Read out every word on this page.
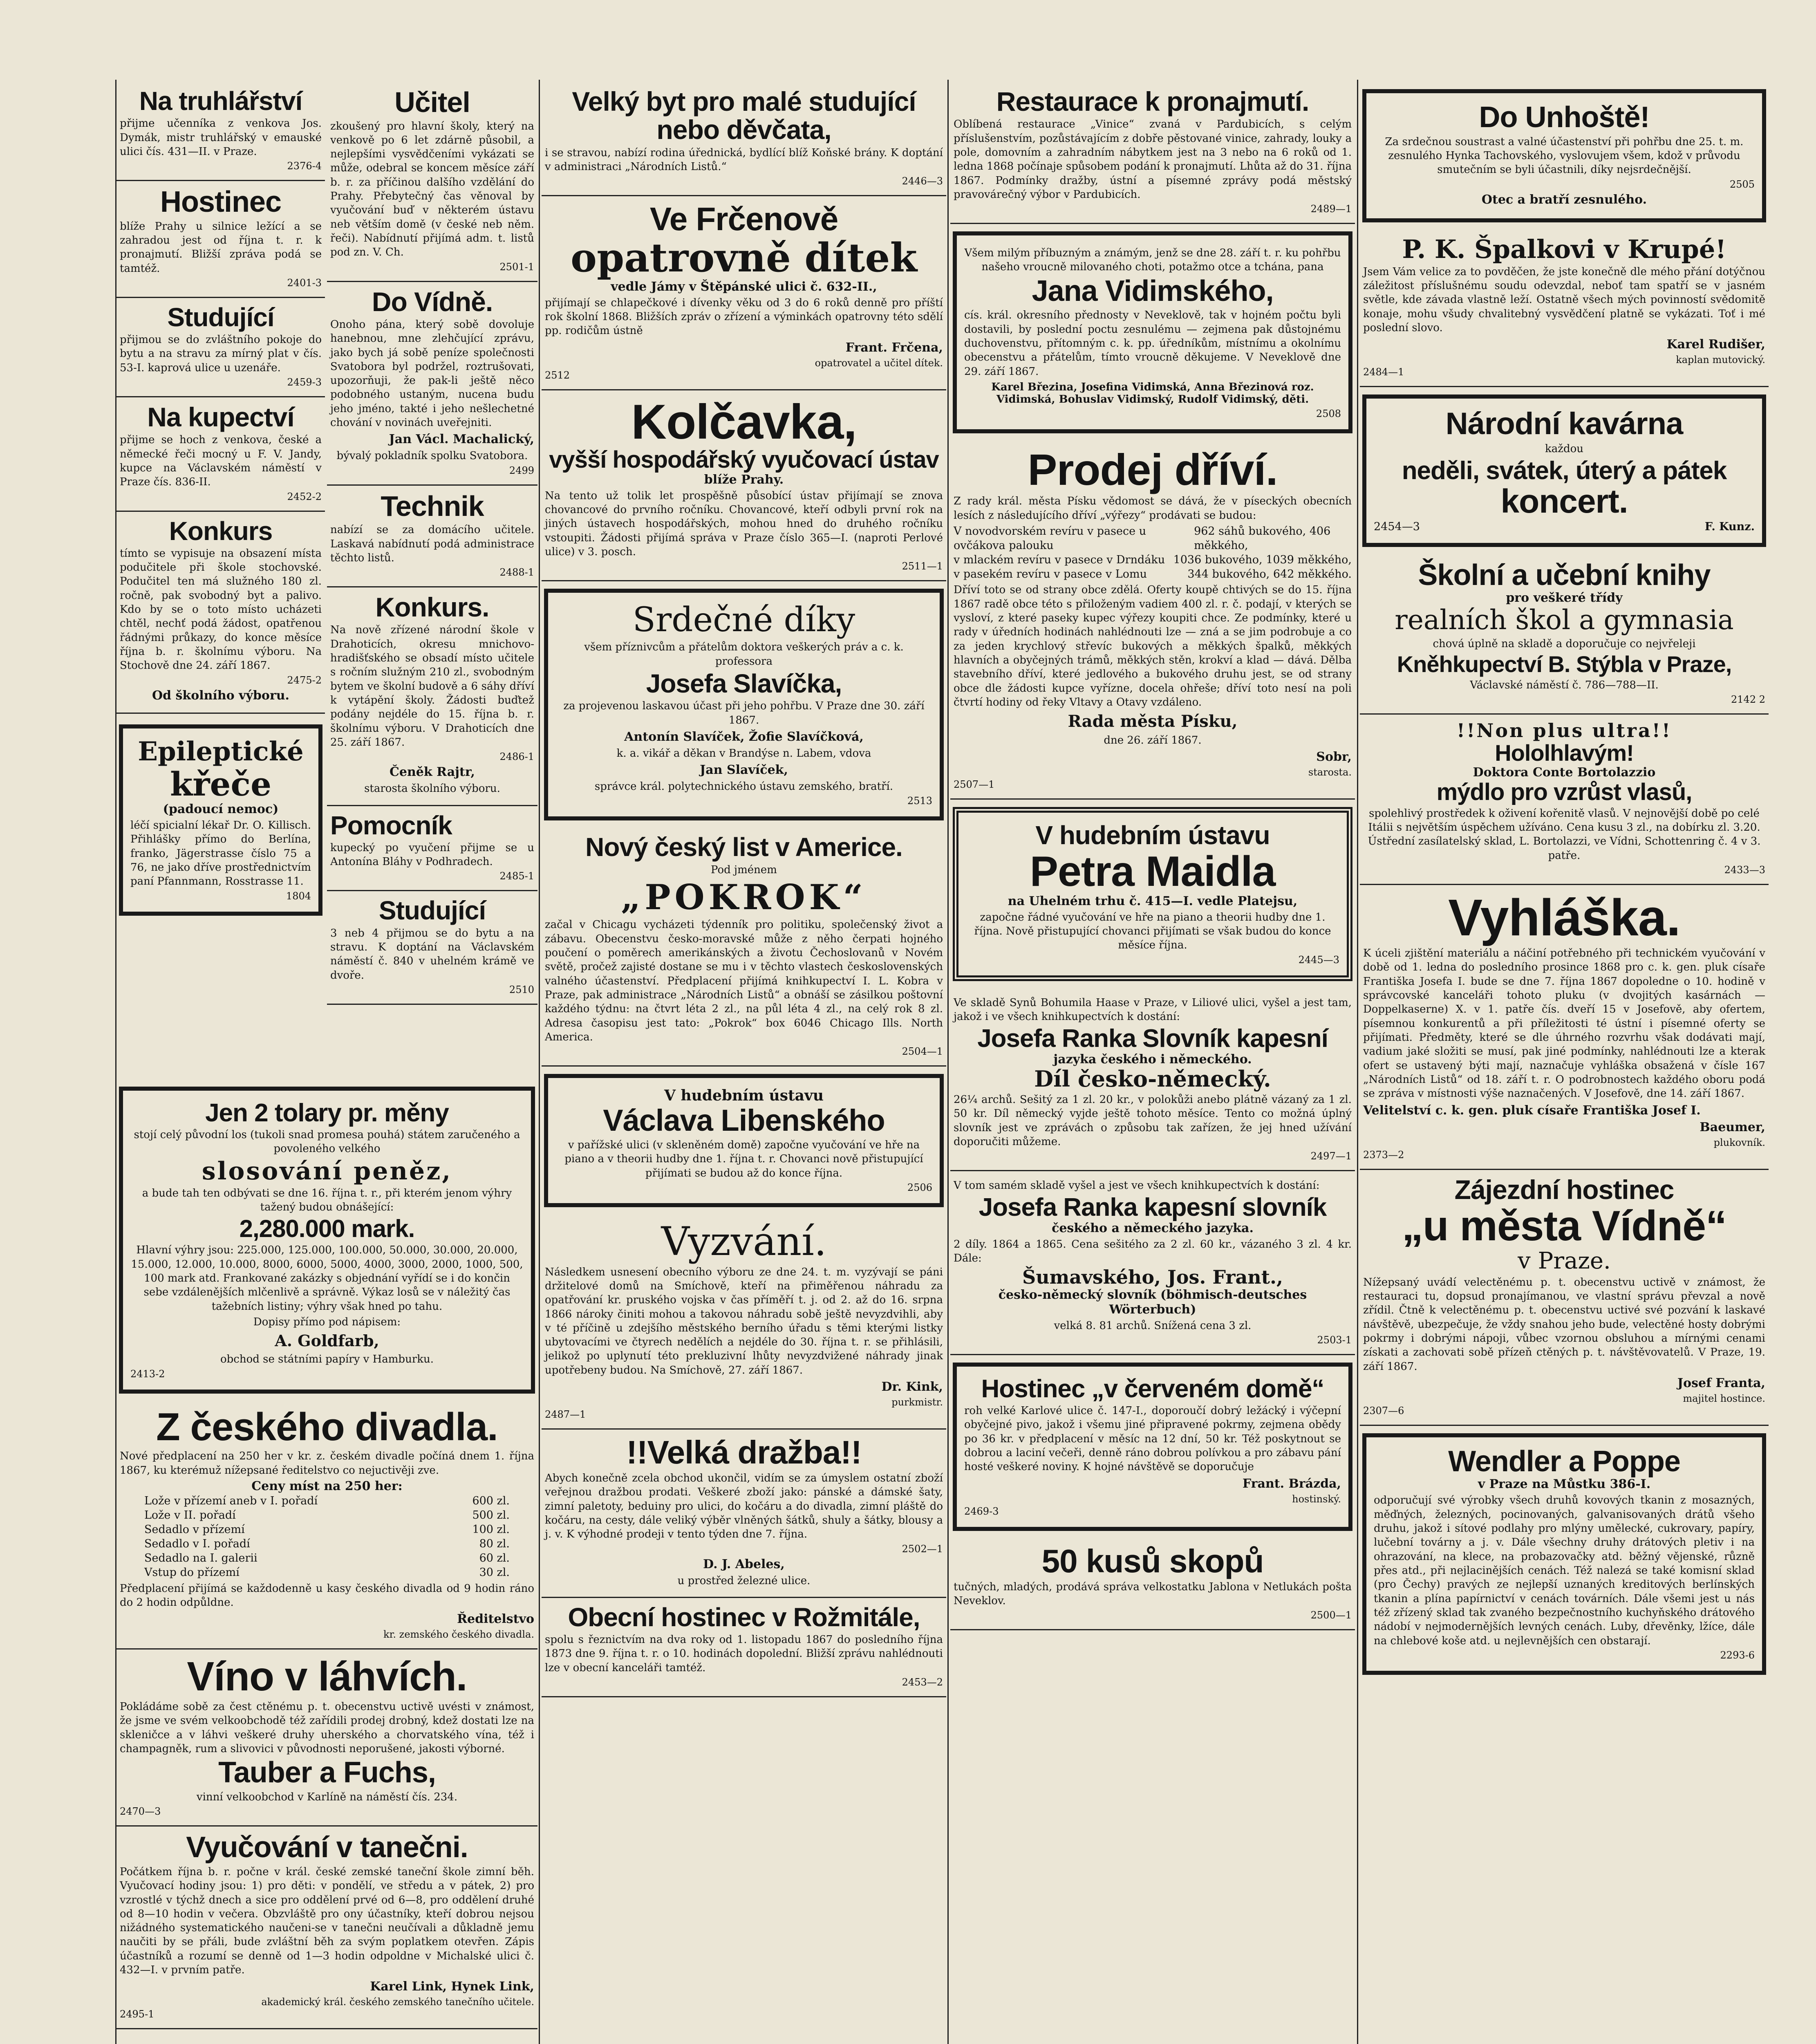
Na truhlářství

přijme učenníka z venkova Jos. Dymák, mistr truhlářský v emauské ulici čís. 431—II. v Praze.

2376-4

Hostinec

blíže Prahy u silnice ležící a se zahradou jest od října t. r. k pronajmutí. Bližší zpráva podá se tamtéž.

2401-3

Studující

přijmou se do zvláštního pokoje do bytu a na stravu za mírný plat v čís. 53-I. kaprová ulice u uzenáře.

2459-3

Na kupectví

přijme se hoch z venkova, české a německé řeči mocný u F. V. Jandy, kupce na Václavském náměstí v Praze čís. 836-II.

2452-2

Konkurs

tímto se vypisuje na obsazení místa podučitele při škole stochovské. Podučitel ten má služného 180 zl. ročně, pak svobodný byt a palivo. Kdo by se o toto místo ucházeti chtěl, nechť podá žádost, opatřenou řádnými průkazy, do konce měsíce října b. r. školnímu výboru. Na Stochově dne 24. září 1867.

2475-2

Od školního výboru.
Epileptické
křeče
(padoucí nemoc)

léčí spicialní lékař Dr. O. Killisch. Přihlášky přímo do Berlína, franko, Jägerstrasse číslo 75 a 76, ne jako dříve prostřednictvím paní Pfannmann, Rosstrasse 11.

1804

Učitel

zkoušený pro hlavní školy, který na venkově po 6 let zdárně působil, a nejlepšími vysvědčeními vykázati se může, odebral se koncem měsíce září b. r. za příčinou dalšího vzdělání do Prahy. Přebytečný čas věnoval by vyučování buď v některém ústavu neb větším domě (v české neb něm. řeči). Nabídnutí přijímá adm. t. listů pod zn. V. Ch.

2501-1

Do Vídně.

Onoho pána, který sobě dovoluje hanebnou, mne zlehčující zprávu, jako bych já sobě peníze společnosti Svatobora byl podržel, roztrušovati, upozorňuji, že pak-li ještě něco podobného ustaným, nucena budu jeho jméno, takté i jeho nešlechetné chování v novinách uveřejniti.

Jan Václ. Machalický,

bývalý pokladník spolku Svatobora.

2499

Technik

nabízí se za domácího učitele. Laskavá nabídnutí podá administrace těchto listů.

2488-1

Konkurs.

Na nově zřízené národní škole v Drahoticích, okresu mnichovo-hradišťského se obsadí místo učitele s ročním služným 210 zl., svobodným bytem ve školní budově a 6 sáhy dříví k vytápění školy. Žádosti buďtež podány nejdéle do 15. října b. r. školnímu výboru. V Drahoticích dne 25. září 1867.

2486-1

Čeněk Rajtr,

starosta školního výboru.

Pomocník

kupecký po vyučení přijme se u Antonína Bláhy v Podhradech.

2485-1

Studující

3 neb 4 přijmou se do bytu a na stravu. K doptání na Václavském náměstí č. 840 v uhelném krámě ve dvoře.

2510

Jen 2 tolary pr. měny

stojí celý původní los (tukoli snad promesa pouhá) státem zaručeného a povoleného velkého

slosování peněz,

a bude tah ten odbývati se dne 16. října t. r., při kterém jenom výhry tažený budou obnášející:

2,280.000 mark.

Hlavní výhry jsou: 225.000, 125.000, 100.000, 50.000, 30.000, 20.000, 15.000, 12.000, 10.000, 8000, 6000, 5000, 4000, 3000, 2000, 1000, 500, 100 mark atd. Frankované zakázky s objednání vyřídí se i do končin sebe vzdálenějších mlčenlivě a správně. Výkaz losů se v náležitý čas tažebních listiny; výhry však hned po tahu.

Dopisy přímo pod nápisem:

A. Goldfarb,

obchod se státními papíry v Hamburku.

2413-2

Z českého divadla.

Nové předplacení na 250 her v kr. z. českém divadle počíná dnem 1. října 1867, ku kterémuž nížepsané ředitelstvo co nejuctivěji zve.

Ceny míst na 250 her:
Lože v přízemí aneb v I. pořadí	600 zl.
Lože v II. pořadí	500 zl.
Sedadlo v přízemí	100 zl.
Sedadlo v I. pořadí	80 zl.
Sedadlo na I. galerii	60 zl.
Vstup do přízemí	30 zl.

Předplacení přijímá se každodenně u kasy českého divadla od 9 hodin ráno do 2 hodin odpůldne.

Ředitelstvo

kr. zemského českého divadla.

Víno v láhvích.

Pokládáme sobě za čest ctěnému p. t. obecenstvu uctivě uvésti v známost, že jsme ve svém velkoobchodě též zařídili prodej drobný, kdež dostati lze na skleničce a v láhvi veškeré druhy uherského a chorvatského vína, též i champagněk, rum a slivovici v původnosti neporušené, jakosti výborné.

Tauber a Fuchs,

vinní velkoobchod v Karlíně na náměstí čís. 234.

2470—3

Vyučování v tanečni.

Počátkem října b. r. počne v král. české zemské taneční škole zimní běh. Vyučovací hodiny jsou: 1) pro děti: v pondělí, ve středu a v pátek, 2) pro vzrostlé v týchž dnech a sice pro oddělení prvé od 6—8, pro oddělení druhé od 8—10 hodin v večera. Obzvláště pro ony účastníky, kteří dobrou nejsou nižádného systematického naučeni-se v tanečni neučívali a důkladně jemu naučiti by se přáli, bude zvláštní běh za svým poplatkem otevřen. Zápis účastníků a rozumí se denně od 1—3 hodin odpoldne v Michalské ulici č. 432—I. v prvním patře.

Karel Link, Hynek Link,

akademický král. českého zemského tanečního učitele.

2495-1

Velký byt pro malé studující nebo děvčata,

i se stravou, nabízí rodina úřednická, bydlící blíž Koňské brány. K doptání v administraci „Národních Listů.“

2446—3

Ve Frčenově
opatrovně dítek
vedle Jámy v Štěpánské ulici č. 632-II.,

přijímají se chlapečkové i dívenky věku od 3 do 6 roků denně pro příští rok školní 1868. Bližších zpráv o zřízení a výminkách opatrovny této sdělí pp. rodičům ústně

Frant. Frčena,

opatrovatel a učitel dítek.

2512

Kolčavka,
vyšší hospodářský vyučovací ústav
blíže Prahy.

Na tento už tolik let prospěšně působící ústav přijímají se znova chovancové do prvního ročníku. Chovancové, kteří odbyli první rok na jiných ústavech hospodářských, mohou hned do druhého ročníku vstoupiti. Žádosti přijímá správa v Praze číslo 365—I. (naproti Perlové ulice) v 3. posch.

2511—1

Srdečné díky

všem příznivcům a přátelům doktora veškerých práv a c. k. professora

Josefa Slavíčka,

za projevenou laskavou účast při jeho pohřbu. V Praze dne 30. září 1867.

Antonín Slavíček, Žofie Slavíčková,

k. a. vikář a děkan v Brandýse n. Labem, vdova

Jan Slavíček,

správce král. polytechnického ústavu zemského, bratří.

2513

Nový český list v Americe.

Pod jménem

„POKROK“

začal v Chicagu vycházeti týdenník pro politiku, společenský život a zábavu. Obecenstvu česko-moravské může z něho čerpati hojného poučení o poměrech amerikánských a životu Čechoslovanů v Novém světě, pročež zajisté dostane se mu i v těchto vlastech československých valného účastenství. Předplacení přijímá knihkupectví I. L. Kobra v Praze, pak administrace „Národních Listů“ a obnáší se zásilkou poštovní každého týdnu: na čtvrt léta 2 zl., na půl léta 4 zl., na celý rok 8 zl. Adresa časopisu jest tato: „Pokrok“ box 6046 Chicago Ills. North America.

2504—1

V hudebním ústavu
Václava Libenského

v pařížské ulici (v skleněném domě) započne vyučování ve hře na piano a v theorii hudby dne 1. října t. r. Chovanci nově přistupující přijímati se budou až do konce října.

2506

Vyzvání.

Následkem usnesení obecního výboru ze dne 24. t. m. vyzývají se páni držitelové domů na Smíchově, kteří na přiměřenou náhradu za opatřování kr. pruského vojska v čas příměří t. j. od 2. až do 16. srpna 1866 nároky činiti mohou a takovou náhradu sobě ještě nevyzdvihli, aby v té příčině u zdejšího městského berního úřadu s těmi kterými listky ubytovacími ve čtyrech nedělích a nejdéle do 30. října t. r. se přihlásili, jelikož po uplynutí této prekluzivní lhůty nevyzdvižené náhrady jinak upotřebeny budou. Na Smíchově, 27. září 1867.

Dr. Kink,

purkmistr.

2487—1

!!Velká dražba!!

Abych konečně zcela obchod ukončil, vidím se za úmyslem ostatní zboží veřejnou dražbou prodati. Veškeré zboží jako: pánské a dámské šaty, zimní paletoty, beduiny pro ulici, do kočáru a do divadla, zimní pláště do kočáru, na cesty, dále veliký výběr vlněných šátků, shuly a šátky, blousy a j. v. K výhodné prodeji v tento týden dne 7. října.

2502—1

D. J. Abeles,

u prostřed železné ulice.

Obecní hostinec v Rožmitále,

spolu s řeznictvím na dva roky od 1. listopadu 1867 do posledního října 1873 dne 9. října t. r. o 10. hodinách dopolední. Bližší zprávu nahlédnouti lze v obecní kanceláři tamtéž.

2453—2

Restaurace k pronajmutí.

Oblíbená restaurace „Vinice“ zvaná v Pardubicích, s celým příslušenstvím, pozůstávajícím z dobře pěstované vinice, zahrady, louky a pole, domovním a zahradním nábytkem jest na 3 nebo na 6 roků od 1. ledna 1868 počínaje spůsobem podání k pronajmutí. Lhůta až do 31. října 1867. Podmínky dražby, ústní a písemné zprávy podá městský pravovárečný výbor v Pardubicích.

2489—1

Všem milým příbuzným a známým, jenž se dne 28. září t. r. ku pohřbu našeho vroucně milovaného choti, potažmo otce a tchána, pana

Jana Vidimského,

cís. král. okresního přednosty v Neveklově, tak v hojném počtu byli dostavili, by poslední poctu zesnulému — zejmena pak důstojnému duchovenstvu, přítomným c. k. pp. úředníkům, místnímu a okolnímu obecenstvu a přátelům, tímto vroucně děkujeme. V Neveklově dne 29. září 1867.

Karel Březina, Josefina Vidimská, Anna Březinová roz. Vidimská, Bohuslav Vidimský, Rudolf Vidimský, děti.

2508

Prodej dříví.

Z rady král. města Písku vědomost se dává, že v píseckých obecních lesích z následujícího dříví „výřezy“ prodávati se budou:

V novodvorském revíru v pasece u ovčákova palouku
962 sáhů bukového, 406 měkkého,
v mlackém revíru v pasece v Drndáku 1036 bukového, 1039 měkkého,
v pasekém revíru v pasece v Lomu	344 bukového, 642 měkkého.

Dříví toto se od strany obce zdělá. Oferty koupě chtivých se do 15. října 1867 radě obce této s přiloženým vadiem 400 zl. r. č. podají, v kterých se vysloví, z které paseky kupec výřezy koupiti chce. Ze podmínky, které u rady v úředních hodinách nahlédnouti lze — zná a se jim podrobuje a co za jeden krychlový střevíc bukových a měkkých špalků, měkkých hlavních a obyčejných trámů, měkkých stěn, krokví a klad — dává. Dělba stavebního dříví, které jedlového a bukového druhu jest, se od strany obce dle žádosti kupce vyřízne, docela ohřeše; dříví toto nesí na poli čtvrtí hodiny od řeky Vltavy a Otavy vzdáleno.

Rada města Písku,

dne 26. září 1867.

Sobr,

starosta.

2507—1

V hudebním ústavu
Petra Maidla
na Uhelném trhu č. 415—I. vedle Platejsu,

započne řádné vyučování ve hře na piano a theorii hudby dne 1. října. Nově přistupující chovanci přijímati se však budou do konce měsíce října.

2445—3

Ve skladě Synů Bohumila Haase v Praze, v Liliové ulici, vyšel a jest tam, jakož i ve všech knihkupectvích k dostání:

Josefa Ranka Slovník kapesní
jazyka českého i německého.
Díl česko-německý.

26¼ archů. Sešitý za 1 zl. 20 kr., v polokůži anebo plátně vázaný za 1 zl. 50 kr. Díl německý vyjde ještě tohoto měsíce. Tento co možná úplný slovník jest ve zprávách o způsobu tak zařízen, že jej hned užívání doporučiti můžeme.

2497—1

V tom samém skladě vyšel a jest ve všech knihkupectvích k dostání:

Josefa Ranka kapesní slovník
českého a německého jazyka.

2 díly. 1864 a 1865. Cena sešitého za 2 zl. 60 kr., vázaného 3 zl. 4 kr. Dále:

Šumavského, Jos. Frant.,
česko-německý slovník (böhmisch-deutsches Wörterbuch)

velká 8. 81 archů. Snížená cena 3 zl.

2503-1

Hostinec „v červeném domě“

roh velké Karlové ulice č. 147-I., doporoučí dobrý ležácký i výčepní obyčejné pivo, jakož i všemu jiné připravené pokrmy, zejmena obědy po 36 kr. v předplacení v měsíc na 12 dní, 50 kr. Též poskytnout se dobrou a laciní večeři, denně ráno dobrou polívkou a pro zábavu pání hosté veškeré noviny. K hojné návštěvě se doporučuje

Frant. Brázda,

hostinský.

2469-3

50 kusů skopů

tučných, mladých, prodává správa velkostatku Jablona v Netlukách pošta Neveklov.

2500—1

Do Unhoště!

Za srdečnou soustrast a valné účastenství při pohřbu dne 25. t. m. zesnulého Hynka Tachovského, vyslovujem všem, kdož v průvodu smutečním se byli účastnili, díky nejsrdečnější.

2505

Otec a bratří zesnulého.
P. K. Špalkovi v Krupé!

Jsem Vám velice za to povděčen, že jste konečně dle mého přání dotýčnou záležitost příslušnému soudu odevzdal, neboť tam spatří se v jasném světle, kde závada vlastně leží. Ostatně všech mých povinností svědomitě konaje, mohu všudy chvalitebný vysvědčení platně se vykázati. Toť i mé poslední slovo.

Karel Rudišer,

kaplan mutovický.

2484—1

Národní kavárna

každou

neděli, svátek, úterý a pátek
koncert.
2454—3	F. Kunz.
Školní a učební knihy
pro veškeré třídy
realních škol a gymnasia

chová úplně na skladě a doporučuje co nejvřeleji

Kněhkupectví B. Stýbla v Praze,

Václavské náměstí č. 786—788—II.

2142 2

!!Non plus ultra!!
Hololhlavým!
Doktora Conte Bortolazzio
mýdlo pro vzrůst vlasů,

spolehlivý prostředek k oživení kořenitě vlasů. V nejnovější době po celé Itálii s největším úspěchem užíváno. Cena kusu 3 zl., na dobírku zl. 3.20. Ústřední zasílatelský sklad, L. Bortolazzi, ve Vídni, Schottenring č. 4 v 3. patře.

2433—3

Vyhláška.

K úceli zjištění materiálu a náčiní potřebného při technickém vyučování v době od 1. ledna do posledního prosince 1868 pro c. k. gen. pluk císaře Františka Josefa I. bude se dne 7. října 1867 dopoledne o 10. hodině v správcovské kanceláři tohoto pluku (v dvojitých kasárnách — Doppelkaserne) X. v 1. patře čís. dveří 15 v Josefově, aby ofertem, písemnou konkurentů a při příležitosti té ústní i písemné oferty se přijímati. Předměty, které se dle úhrného rozvrhu však dodávati mají, vadium jaké složiti se musí, pak jiné podmínky, nahlédnouti lze a kterak ofert se ustavený býti mají, naznačuje vyhláška obsažená v čísle 167 „Národních Listů“ od 18. září t. r. O podrobnostech každého oboru podá se zpráva v místnosti výše naznačených. V Josefově, dne 14. září 1867.

Velitelství c. k. gen. pluk císaře Františka Josef I.
Baeumer,

plukovník.

2373—2

Zájezdní hostinec
„u města Vídně“
v Praze.

Nížepsaný uvádí velectěnému p. t. obecenstvu uctivě v známost, že restauraci tu, dopsud pronajímanou, ve vlastní správu převzal a nově zřídil. Čtně k velectěnému p. t. obecenstvu uctivé své pozvání k laskavé návštěvě, ubezpečuje, že vždy snahou jeho bude, velectěné hosty dobrými pokrmy i dobrými nápoji, vůbec vzornou obsluhou a mírnými cenami získati a zachovati sobě přízeň ctěných p. t. návštěvovatelů. V Praze, 19. září 1867.

Josef Franta,

majitel hostince.

2307—6

Wendler a Poppe
v Praze na Můstku 386-I.

odporučují své výrobky všech druhů kovových tkanin z mosazných, měďných, železných, pocinovaných, galvanisovaných drátů všeho druhu, jakož i sítové podlahy pro mlýny umělecké, cukrovary, papíry, lučební továrny a j. v. Dále všechny druhy drátových pletiv i na ohrazování, na klece, na probazovačky atd. běžný vějenské, různě přes atd., při nejlacinějších cenách. Též nalezá se také komisní sklad (pro Čechy) pravých ze nejlepší uznaných kreditových berlínských tkanin a plína papírnictví v cenách továrních. Dále všemi jest u nás též zřízený sklad tak zvaného bezpečnostního kuchyňského drátového nádobí v nejmodernějších levných cenách. Luby, dřevěnky, lžíce, dále na chlebové koše atd. u nejlevnějších cen obstarají.

2293-6
